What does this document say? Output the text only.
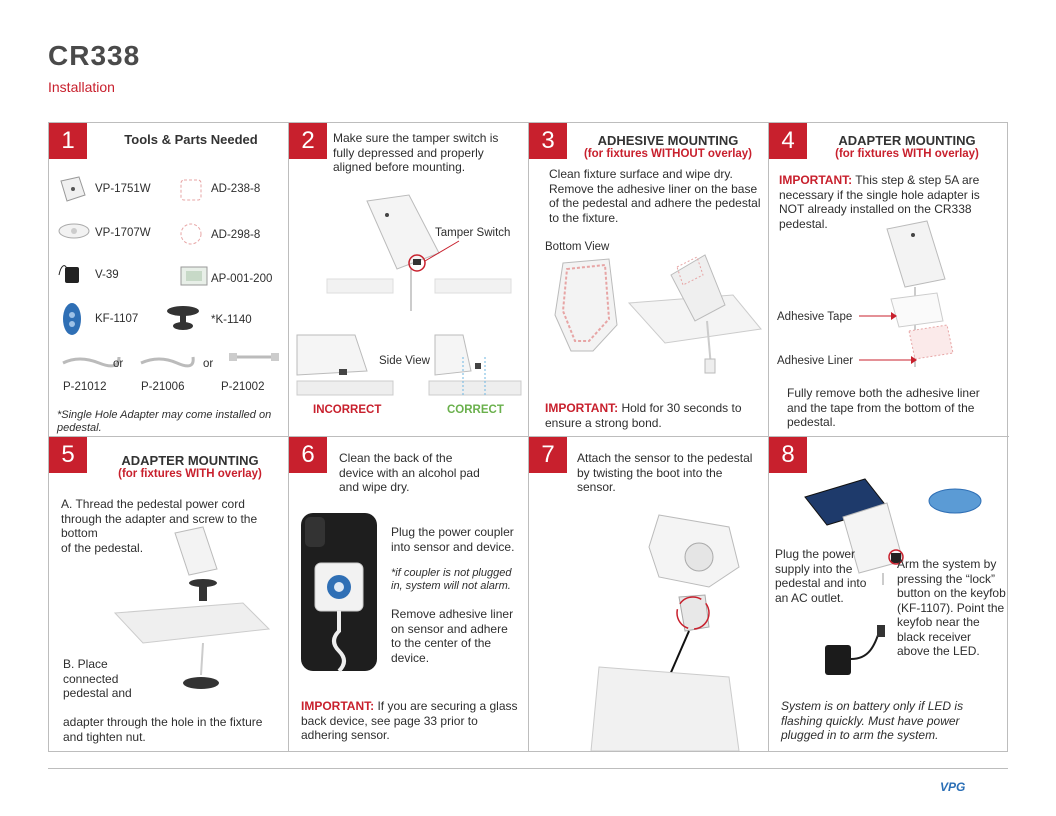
CR338
Installation
1	Tools & Parts Needed
VP-1751W	AD-238-8
VP-1707W	AD-298-8
V-39	AP-001-200
KF-1107	*K-1140
or	or
P-21012	P-21006	P-21002
*Single Hole Adapter may come installed on pedestal.
2	Make sure the tamper switch is fully depressed and properly aligned before mounting.
Tamper Switch
Side View
INCORRECT	CORRECT
3	ADHESIVE MOUNTING
(for fixtures WITHOUT overlay)
Clean fixture surface and wipe dry. Remove the adhesive liner on the base of the pedestal and adhere the pedestal to the fixture.
Bottom View
IMPORTANT: Hold for 30 seconds to ensure a strong bond.
4	ADAPTER MOUNTING
(for fixtures WITH overlay)
IMPORTANT: This step & step 5A are necessary if the single hole adapter is NOT already installed on the CR338 pedestal.
Adhesive Tape
Adhesive Liner
Fully remove both the adhesive liner and the tape from the bottom of the pedestal.
5	ADAPTER MOUNTING
(for fixtures WITH overlay)
A. Thread the pedestal power cord through the adapter and screw to the bottom
of the pedestal.
B. Place connected pedestal and
adapter through the hole in the fixture and tighten nut.
6	Clean the back of the device with an alcohol pad and wipe dry.
Plug the power coupler into sensor and device.
*if coupler is not plugged in, system will not alarm.
Remove adhesive liner on sensor and adhere to the center of the device.
IMPORTANT: If you are securing a glass back device, see page 33 prior to adhering sensor.
7	Attach the sensor to the pedestal by twisting the boot into the sensor.
8
Plug the power supply into the pedestal and into an AC outlet.
Arm the system by pressing the “lock” button on the keyfob (KF-1107). Point the keyfob near the black receiver above the LED.
System is on battery only if LED is flashing quickly. Must have power plugged in to arm the system.
VPG
